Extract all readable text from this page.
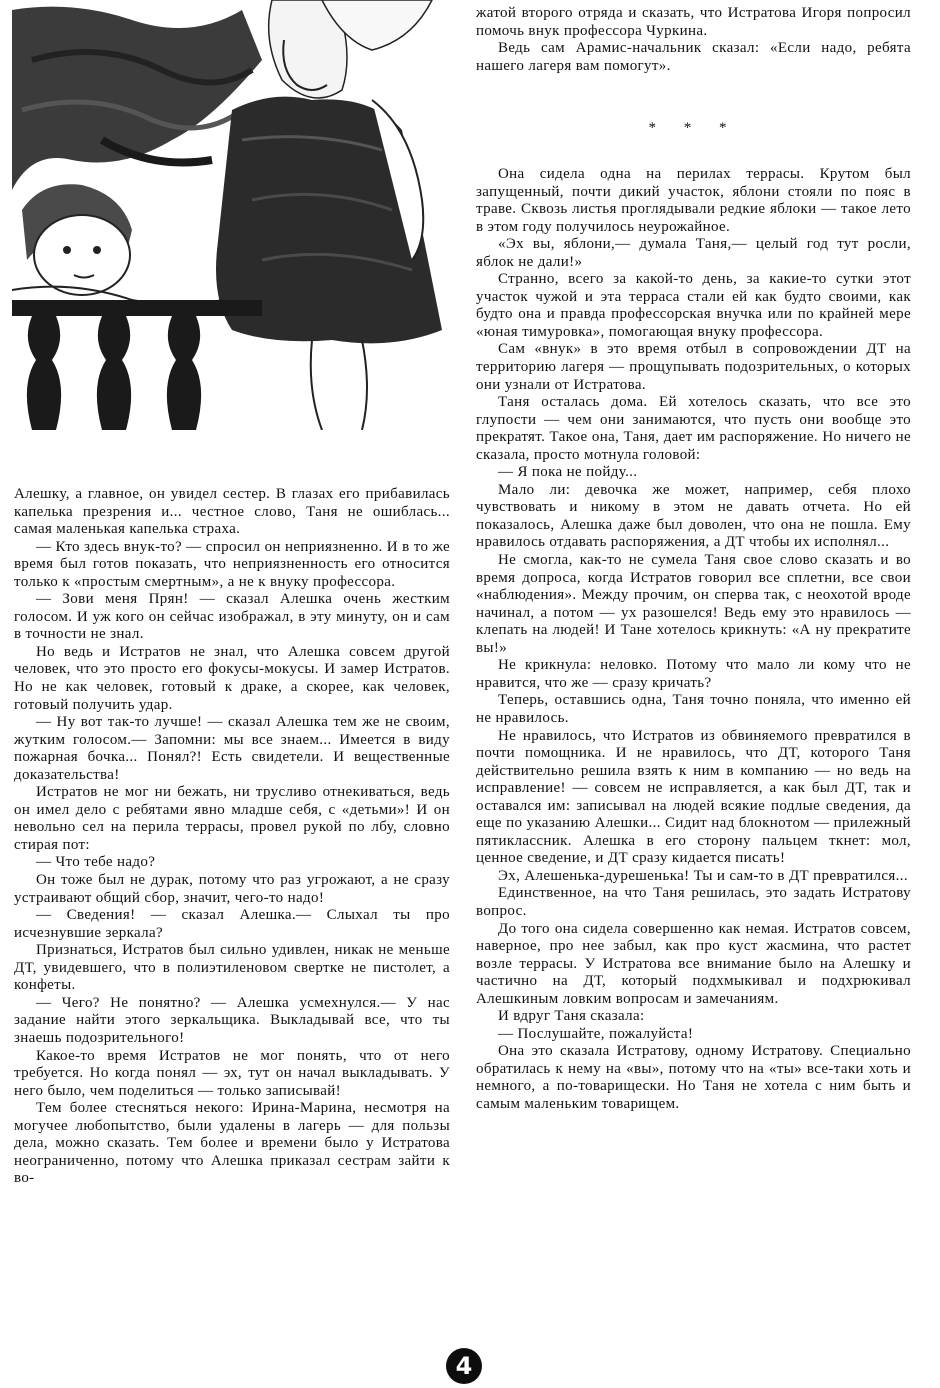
жатой второго отряда и сказать, что Истратова Игоря попросил помочь внук профессора Чуркина.

Ведь сам Арамис-начальник сказал: «Если надо, ребята нашего лагеря вам помогут».

* * *

Она сидела одна на перилах террасы. Крутом был запущенный, почти дикий участок, яблони стояли по пояс в траве. Сквозь листья проглядывали редкие яблоки — такое лето в этом году получилось неурожайное.

«Эх вы, яблони,— думала Таня,— целый год тут росли, яблок не дали!»

Странно, всего за какой-то день, за какие-то сутки этот участок чужой и эта терраса стали ей как будто своими, как будто она и правда профессорская внучка или по крайней мере «юная тимуровка», помогающая внуку профессора.

Сам «внук» в это время отбыл в сопровождении ДТ на территорию лагеря — прощупывать подозрительных, о которых они узнали от Истратова.

Таня осталась дома. Ей хотелось сказать, что все это глупости — чем они занимаются, что пусть они вообще это прекратят. Такое она, Таня, дает им распоряжение. Но ничего не сказала, просто мотнула головой:

— Я пока не пойду...

Мало ли: девочка же может, например, себя плохо чувствовать и никому в этом не давать отчета. Но ей показалось, Алешка даже был доволен, что она не пошла. Ему нравилось отдавать распоряжения, а ДТ чтобы их исполнял...

Не смогла, как-то не сумела Таня свое слово сказать и во время допроса, когда Истратов говорил все сплетни, все свои «наблюдения». Между прочим, он сперва так, с неохотой вроде начинал, а потом — ух разошелся! Ведь ему это нравилось — клепать на людей! И Тане хотелось крикнуть: «А ну прекратите вы!»

Не крикнула: неловко. Потому что мало ли кому что не нравится, что же — сразу кричать?

Теперь, оставшись одна, Таня точно поняла, что именно ей не нравилось.

Не нравилось, что Истратов из обвиняемого превратился в почти помощника. И не нравилось, что ДТ, которого Таня действительно решила взять к ним в компанию — но ведь на исправление! — совсем не исправляется, а как был ДТ, так и оставался им: записывал на людей всякие подлые сведения, да еще по указанию Алешки... Сидит над блокнотом — прилежный пятиклассник. Алешка в его сторону пальцем ткнет: мол, ценное сведение, и ДТ сразу кидается писать!

Эх, Алешенька-дурешенька! Ты и сам-то в ДТ превратился...

Единственное, на что Таня решилась, это задать Истратову вопрос.

До того она сидела совершенно как немая. Истратов совсем, наверное, про нее забыл, как про куст жасмина, что растет возле террасы. У Истратова все внимание было на Алешку и частично на ДТ, который подхмыкивал и подхрюкивал Алешкиным ловким вопросам и замечаниям.

И вдруг Таня сказала:

— Послушайте, пожалуйста!

Она это сказала Истратову, одному Истратову. Специально обратилась к нему на «вы», потому что на «ты» все-таки хоть и немного, а по-товарищески. Но Таня не хотела с ним быть и самым маленьким товарищем.

Алешку, а главное, он увидел сестер. В глазах его прибавилась капелька презрения и... честное слово, Таня не ошиблась... самая маленькая капелька страха.

— Кто здесь внук-то? — спросил он неприязненно. И в то же время был готов показать, что неприязненность его относится только к «простым смертным», а не к внуку профессора.

— Зови меня Прян! — сказал Алешка очень жестким голосом. И уж кого он сейчас изображал, в эту минуту, он и сам в точности не знал.

Но ведь и Истратов не знал, что Алешка совсем другой человек, что это просто его фокусы-мокусы. И замер Истратов. Но не как человек, готовый к драке, а скорее, как человек, готовый получить удар.

— Ну вот так-то лучше! — сказал Алешка тем же не своим, жутким голосом.— Запомни: мы все знаем... Имеется в виду пожарная бочка... Понял?! Есть свидетели. И вещественные доказательства!

Истратов не мог ни бежать, ни трусливо отнекиваться, ведь он имел дело с ребятами явно младше себя, с «детьми»! И он невольно сел на перила террасы, провел рукой по лбу, словно стирая пот:

— Что тебе надо?

Он тоже был не дурак, потому что раз угрожают, а не сразу устраивают общий сбор, значит, чего-то надо!

— Сведения! — сказал Алешка.— Слыхал ты про исчезнувшие зеркала?

Признаться, Истратов был сильно удивлен, никак не меньше ДТ, увидевшего, что в полиэтиленовом свертке не пистолет, а конфеты.

— Чего? Не понятно? — Алешка усмехнулся.— У нас задание найти этого зеркальщика. Выкладывай все, что ты знаешь подозрительного!

Какое-то время Истратов не мог понять, что от него требуется. Но когда понял — эх, тут он начал выкладывать. У него было, чем поделиться — только записывай!

Тем более стесняться некого: Ирина-Марина, несмотря на могучее любопытство, были удалены в лагерь — для пользы дела, можно сказать. Тем более и времени было у Истратова неограниченно, потому что Алешка приказал сестрам зайти к во-

4
